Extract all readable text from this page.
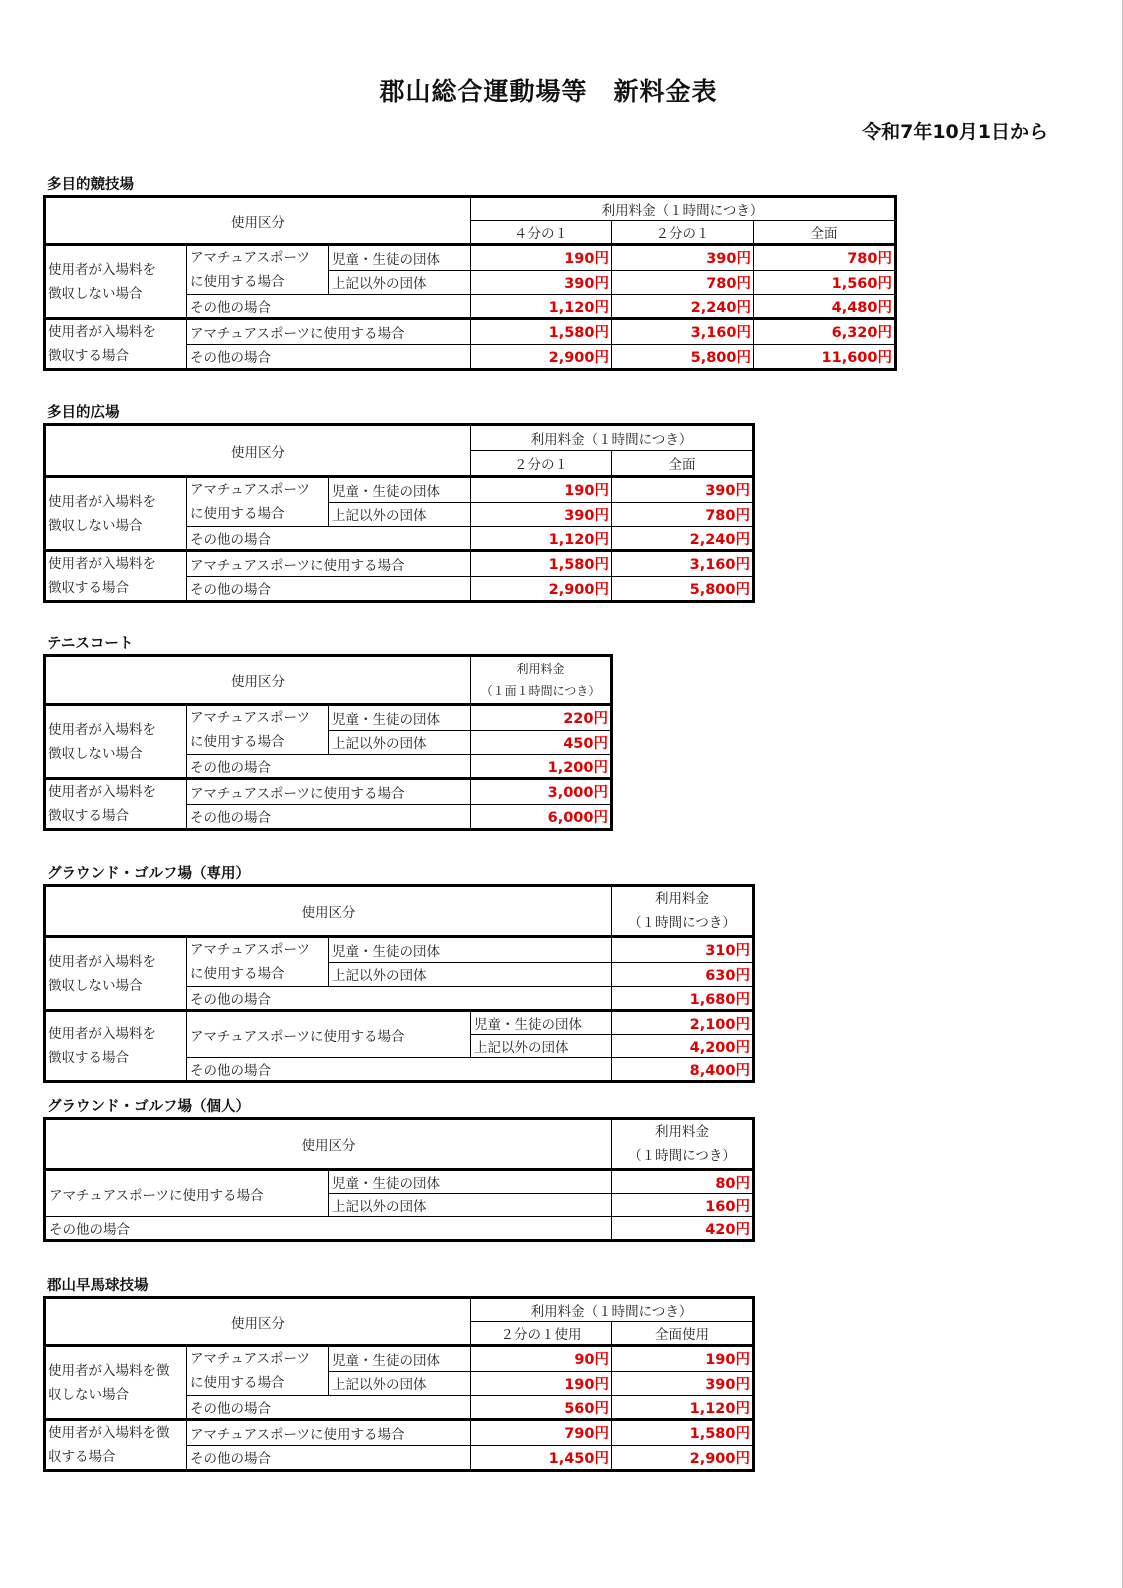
郡山総合運動場等　新料金表
令和7年10月1日から
多目的競技場
使用区分			利用料金（１時間につき）		
			４分の１	２分の１	全面
使用者が入場料を
徴収しない場合	アマチュアスポーツ
に使用する場合	児童・生徒の団体	190円	390円	780円
		上記以外の団体	390円	780円	1,560円
	その他の場合		1,120円	2,240円	4,480円
使用者が入場料を
徴収する場合	アマチュアスポーツに使用する場合		1,580円	3,160円	6,320円
	その他の場合		2,900円	5,800円	11,600円
多目的広場
使用区分			利用料金（１時間につき）	
			２分の１	全面
使用者が入場料を
徴収しない場合	アマチュアスポーツ
に使用する場合	児童・生徒の団体	190円	390円
		上記以外の団体	390円	780円
	その他の場合		1,120円	2,240円
使用者が入場料を
徴収する場合	アマチュアスポーツに使用する場合		1,580円	3,160円
	その他の場合		2,900円	5,800円
テニスコート
使用区分			利用料金
（１面１時間につき）
使用者が入場料を
徴収しない場合	アマチュアスポーツ
に使用する場合	児童・生徒の団体	220円
		上記以外の団体	450円
	その他の場合		1,200円
使用者が入場料を
徴収する場合	アマチュアスポーツに使用する場合		3,000円
	その他の場合		6,000円
グラウンド・ゴルフ場（専用）
使用区分				利用料金
（１時間につき）
使用者が入場料を
徴収しない場合	アマチュアスポーツ
に使用する場合	児童・生徒の団体		310円
		上記以外の団体		630円
	その他の場合			1,680円
使用者が入場料を
徴収する場合	アマチュアスポーツに使用する場合		児童・生徒の団体	2,100円
			上記以外の団体	4,200円
	その他の場合			8,400円
グラウンド・ゴルフ場（個人）
使用区分		利用料金
（１時間につき）
アマチュアスポーツに使用する場合	児童・生徒の団体	80円
	上記以外の団体	160円
その他の場合		420円
郡山早馬球技場
使用区分			利用料金（１時間につき）	
			２分の１使用	全面使用
使用者が入場料を徴
収しない場合	アマチュアスポーツ
に使用する場合	児童・生徒の団体	90円	190円
		上記以外の団体	190円	390円
	その他の場合		560円	1,120円
使用者が入場料を徴
収する場合	アマチュアスポーツに使用する場合		790円	1,580円
	その他の場合		1,450円	2,900円
